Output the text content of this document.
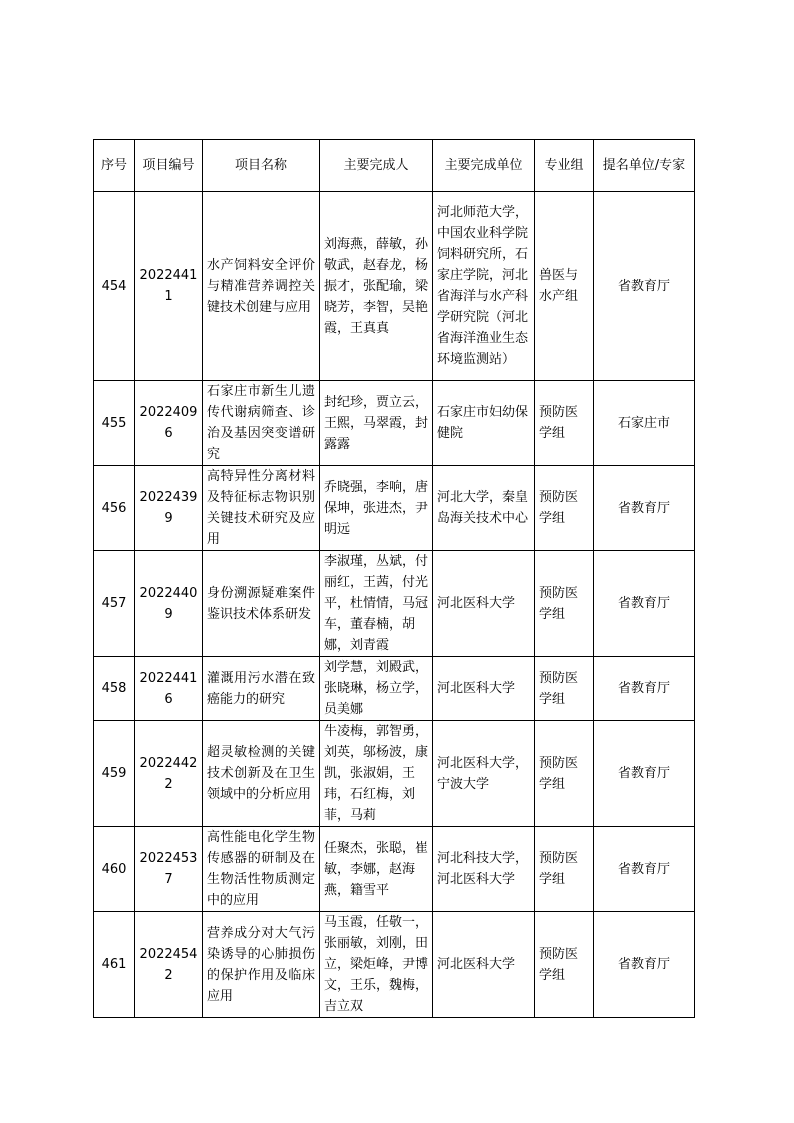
序号	项目编号	项目名称	主要完成人	主要完成单位	专业组	提名单位/专家
454	20224411	水产饲料安全评价与精准营养调控关键技术创建与应用	刘海燕，薛敏，孙敬武，赵春龙，杨振才，张配瑜，梁晓芳，李智，吴艳霞，王真真	河北师范大学，中国农业科学院饲料研究所，石家庄学院，河北省海洋与水产科学研究院（河北省海洋渔业生态环境监测站）	兽医与水产组	省教育厅
455	20224096	石家庄市新生儿遗传代谢病筛查、诊治及基因突变谱研究	封纪珍，贾立云，王熙，马翠霞，封露露	石家庄市妇幼保健院	预防医学组	石家庄市
456	20224399	高特异性分离材料及特征标志物识别关键技术研究及应用	乔晓强，李响，唐保坤，张进杰，尹明远	河北大学，秦皇岛海关技术中心	预防医学组	省教育厅
457	20224409	身份溯源疑难案件鉴识技术体系研发	李淑瑾，丛斌，付丽红，王茜，付光平，杜情情，马冠车，董春楠，胡娜，刘青霞	河北医科大学	预防医学组	省教育厅
458	20224416	灌溉用污水潜在致癌能力的研究	刘学慧，刘殿武，张晓琳，杨立学，员美娜	河北医科大学	预防医学组	省教育厅
459	20224422	超灵敏检测的关键技术创新及在卫生领域中的分析应用	牛凌梅，郭智勇，刘英，邬杨波，康凯，张淑娟，王玮，石红梅，刘菲，马莉	河北医科大学，宁波大学	预防医学组	省教育厅
460	20224537	高性能电化学生物传感器的研制及在生物活性物质测定中的应用	任聚杰，张聪，崔敏，李娜，赵海燕，籍雪平	河北科技大学，河北医科大学	预防医学组	省教育厅
461	20224542	营养成分对大气污染诱导的心肺损伤的保护作用及临床应用	马玉霞，任敬一，张丽敏，刘刚，田立，梁炬峰，尹博文，王乐，魏梅，吉立双	河北医科大学	预防医学组	省教育厅
